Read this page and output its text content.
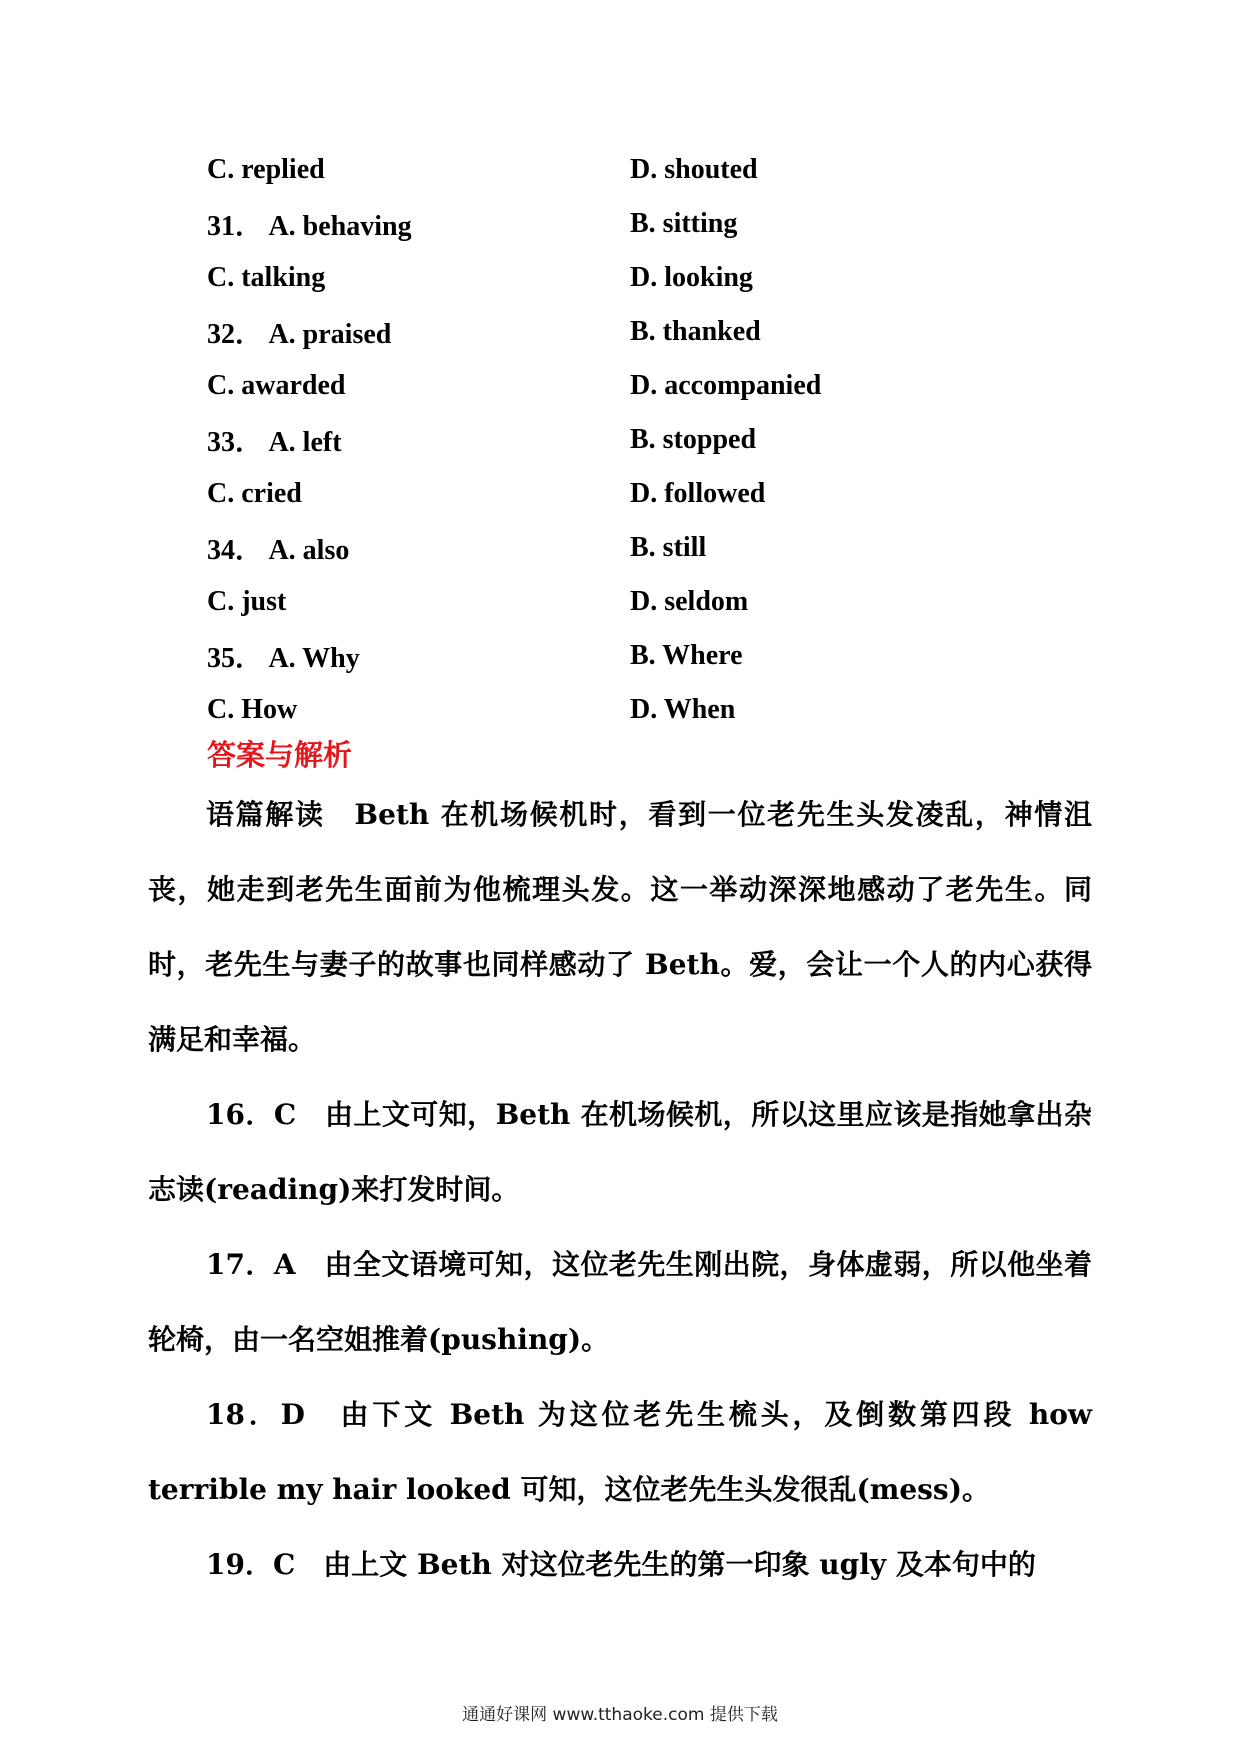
C. replied	D. shouted
31． A. behaving	B. sitting
C. talking	D. looking
32． A. praised	B. thanked
C. awarded	D. accompanied
33． A. left	B. stopped
C. cried	D. followed
34． A. also	B. still
C. just	D. seldom
35． A. Why	B. Where
C. How	D. When
答案与解析

语篇解读　Beth 在机场候机时，看到一位老先生头发凌乱，神情沮丧，她走到老先生面前为他梳理头发。这一举动深深地感动了老先生。同时，老先生与妻子的故事也同样感动了 Beth。爱，会让一个人的内心获得满足和幸福。

16．C　由上文可知，Beth 在机场候机，所以这里应该是指她拿出杂志读(reading)来打发时间。

17．A　由全文语境可知，这位老先生刚出院，身体虚弱，所以他坐着轮椅，由一名空姐推着(pushing)。

18．D　由下文 Beth 为这位老先生梳头，及倒数第四段 how terrible my hair looked 可知，这位老先生头发很乱(mess)。

19．C　由上文 Beth 对这位老先生的第一印象 ugly 及本句中的

通通好课网 www.tthaoke.com 提供下载
